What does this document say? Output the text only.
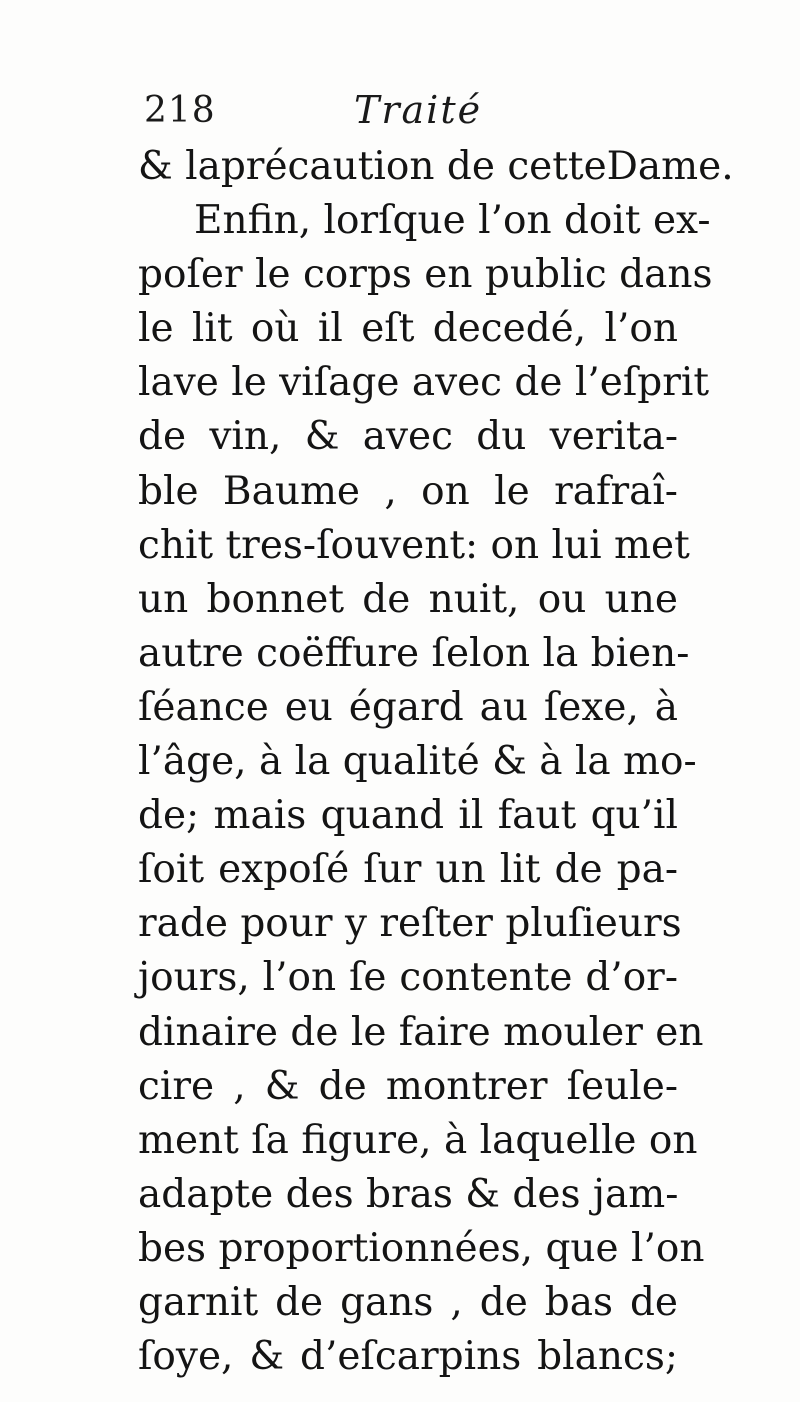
218	Traité
& laprécaution de cetteDame.
Enfin, lorſque l’on doit ex-
poſer le corps en public dans
le lit où il eſt decedé, l’on
lave le viſage avec de l’eſprit
de vin, & avec du verita-
ble Baume , on le rafraî-
chit tres-ſouvent: on lui met
un bonnet de nuit, ou une
autre coëffure ſelon la bien-
ſéance eu égard au ſexe, à
l’âge, à la qualité & à la mo-
de; mais quand il faut qu’il
ſoit expoſé ſur un lit de pa-
rade pour y reſter pluſieurs
jours, l’on ſe contente d’or-
dinaire de le faire mouler en
cire , & de montrer ſeule-
ment ſa figure, à laquelle on
adapte des bras & des jam-
bes proportionnées, que l’on
garnit de gans , de bas de
ſoye, & d’eſcarpins blancs;
